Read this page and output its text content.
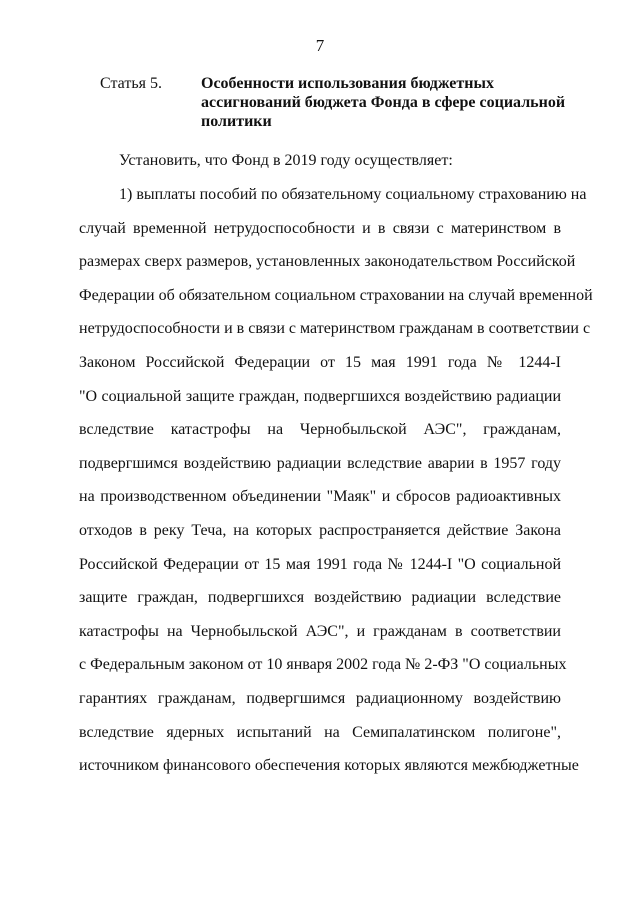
7
Статья 5. Особенности использования бюджетных
ассигнований бюджета Фонда в сфере социальной
политики
Установить, что Фонд в 2019 году осуществляет:
1) выплаты пособий по обязательному социальному страхованию на
случай временной нетрудоспособности и в связи с материнством в
размерах сверх размеров, установленных законодательством Российской
Федерации об обязательном социальном страховании на случай временной
нетрудоспособности и в связи с материнством гражданам в соответствии с
Законом Российской Федерации от 15 мая 1991 года № 1244-I
"О социальной защите граждан, подвергшихся воздействию радиации
вследствие катастрофы на Чернобыльской АЭС", гражданам,
подвергшимся воздействию радиации вследствие аварии в 1957 году
на производственном объединении "Маяк" и сбросов радиоактивных
отходов в реку Теча, на которых распространяется действие Закона
Российской Федерации от 15 мая 1991 года № 1244-I "О социальной
защите граждан, подвергшихся воздействию радиации вследствие
катастрофы на Чернобыльской АЭС", и гражданам в соответствии
с Федеральным законом от 10 января 2002 года № 2-ФЗ "О социальных
гарантиях гражданам, подвергшимся радиационному воздействию
вследствие ядерных испытаний на Семипалатинском полигоне",
источником финансового обеспечения которых являются межбюджетные
